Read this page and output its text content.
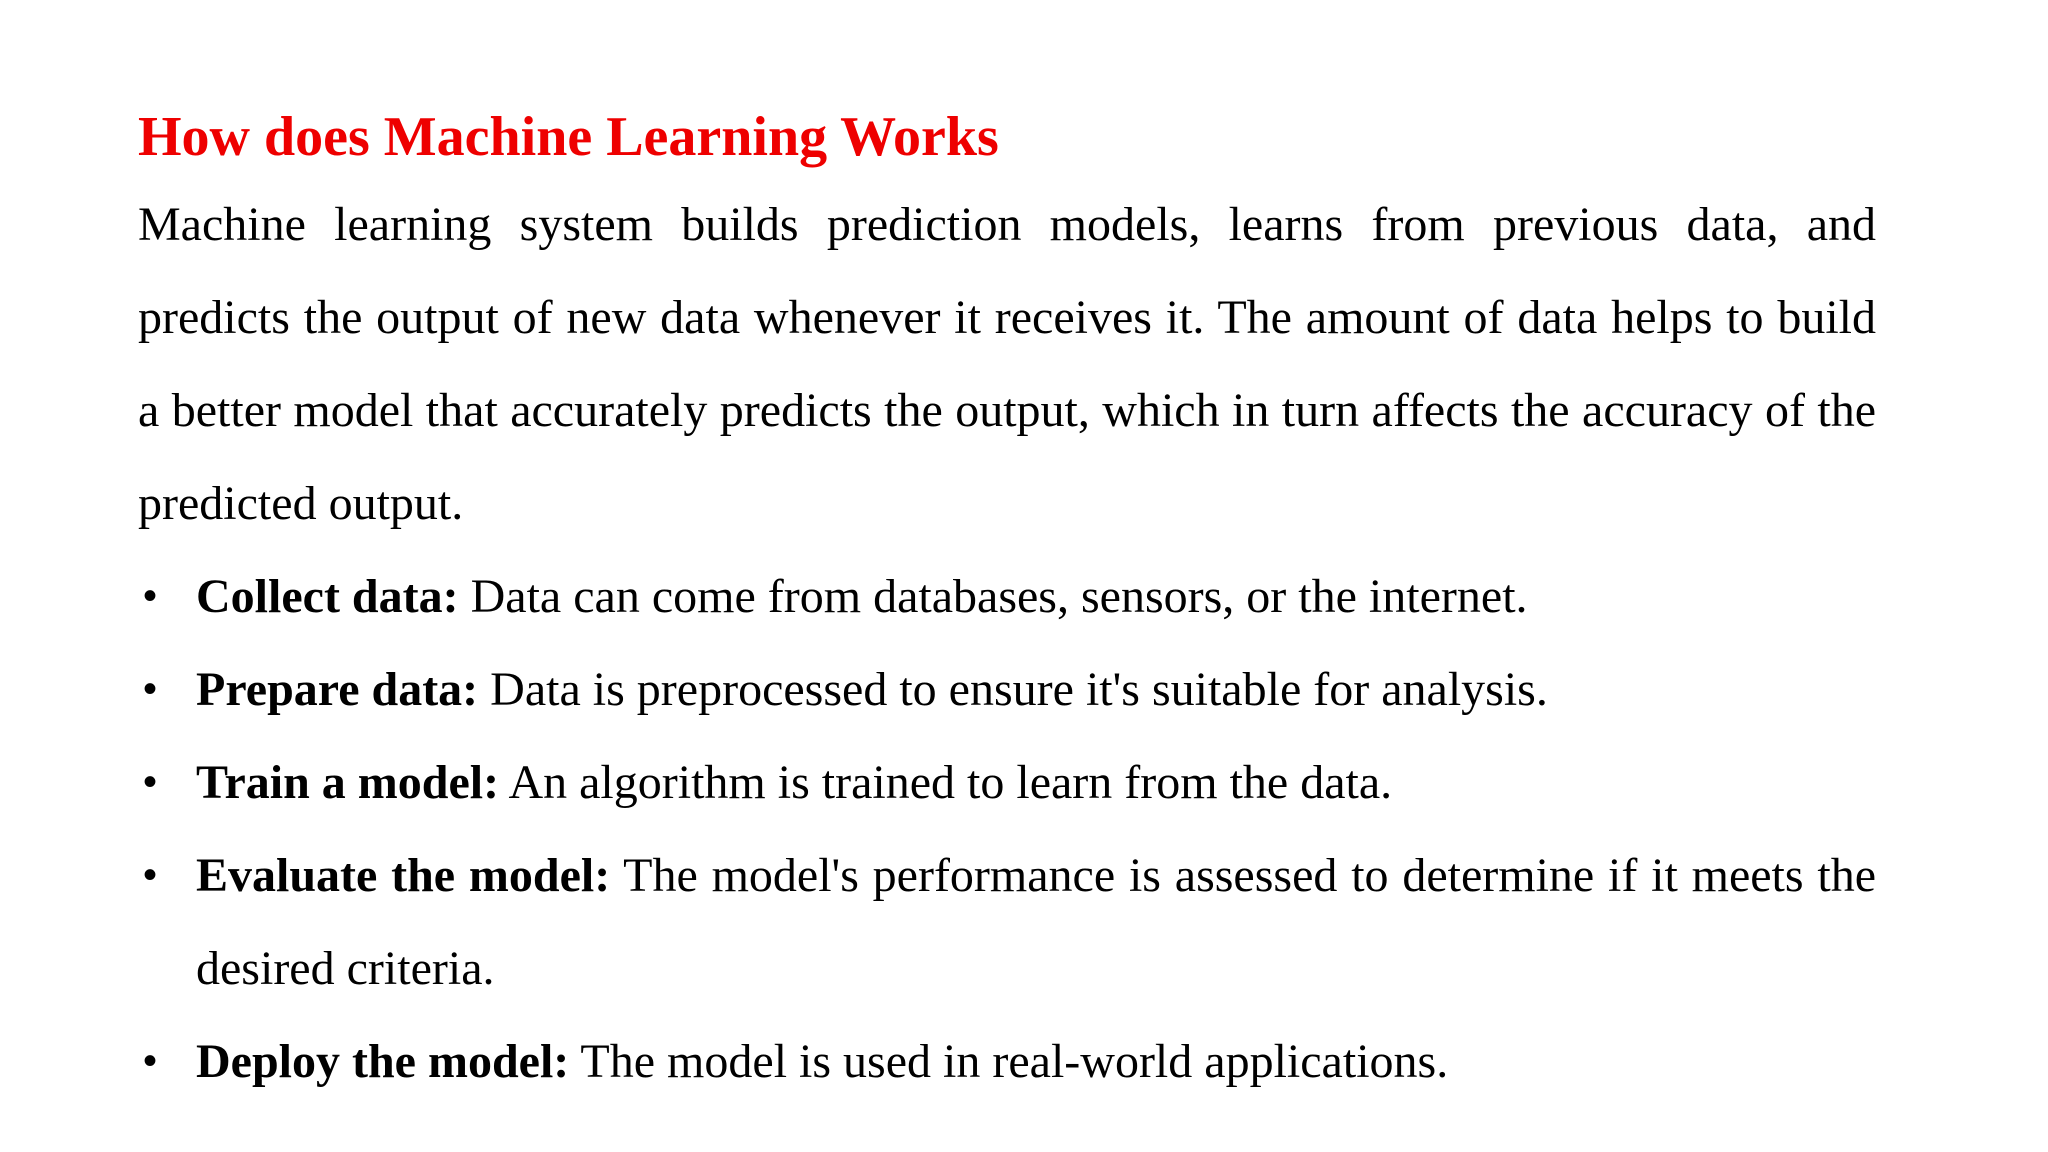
How does Machine Learning Works

Machine learning system builds prediction models, learns from previous data, and predicts the output of new data whenever it receives it. The amount of data helps to build a better model that accurately predicts the output, which in turn affects the accuracy of the predicted output.

• Collect data: Data can come from databases, sensors, or the internet.
• Prepare data: Data is preprocessed to ensure it's suitable for analysis.
• Train a model: An algorithm is trained to learn from the data.
• Evaluate the model: The model's performance is assessed to determine if it meets the desired criteria.
• Deploy the model: The model is used in real-world applications.
